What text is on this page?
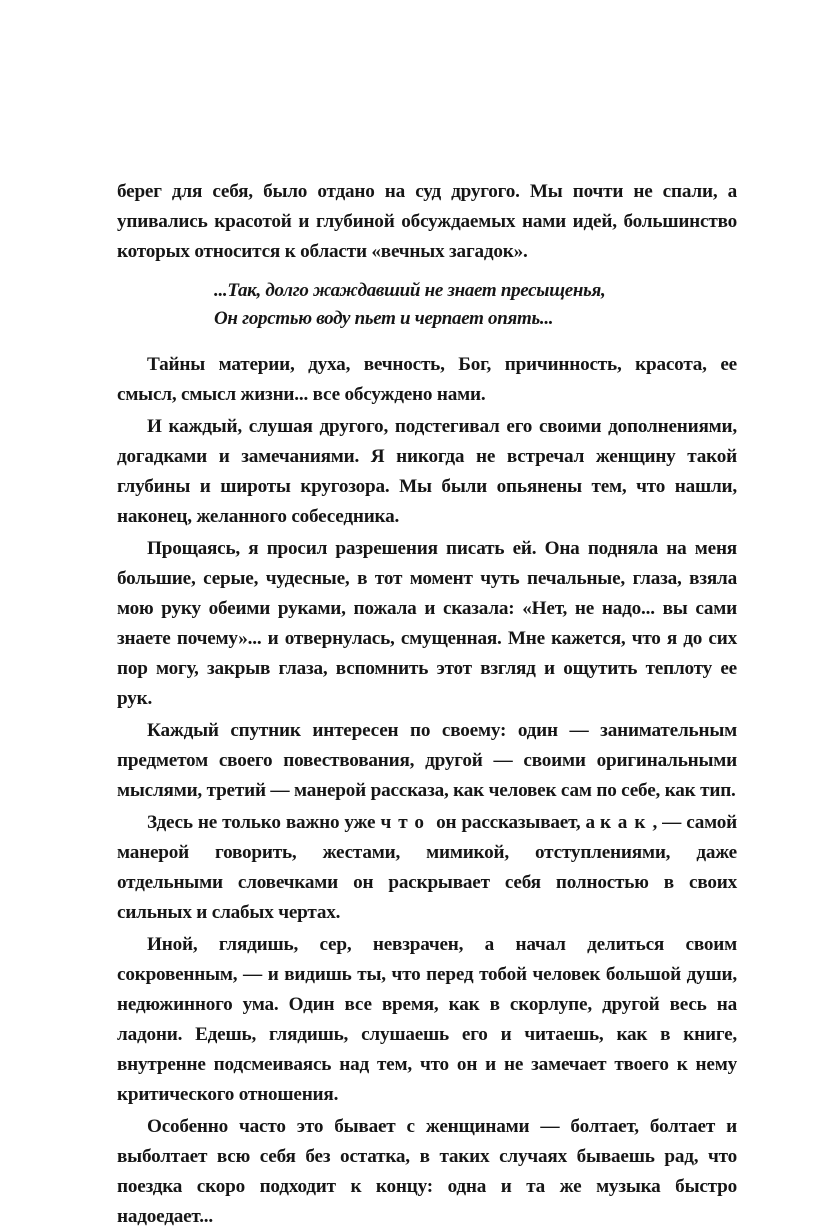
берег для себя, было отдано на суд другого. Мы почти не спали, а упивались красотой и глубиной обсуждаемых нами идей, большинство которых относится к области «вечных загадок».

...Так, долго жаждавший не знает пресыщенья,
Он горстью воду пьет и черпает опять...

Тайны материи, духа, вечность, Бог, причинность, красота, ее смысл, смысл жизни... все обсуждено нами.

И каждый, слушая другого, подстегивал его своими дополнениями, догадками и замечаниями. Я никогда не встречал женщину такой глубины и широты кругозора. Мы были опьянены тем, что нашли, наконец, желанного собеседника.

Прощаясь, я просил разрешения писать ей. Она подняла на меня большие, серые, чудесные, в тот момент чуть печальные, глаза, взяла мою руку обеими руками, пожала и сказала: «Нет, не надо... вы сами знаете почему»... и отвернулась, смущенная. Мне кажется, что я до сих пор могу, закрыв глаза, вспомнить этот взгляд и ощутить теплоту ее рук.

Каждый спутник интересен по своему: один — занимательным предметом своего повествования, другой — своими оригинальными мыслями, третий — манерой рассказа, как человек сам по себе, как тип.

Здесь не только важно уже что он рассказывает, а как, — самой манерой говорить, жестами, мимикой, отступлениями, даже отдельными словечками он раскрывает себя полностью в своих сильных и слабых чертах.

Иной, глядишь, сер, невзрачен, а начал делиться своим сокровенным, — и видишь ты, что перед тобой человек большой души, недюжинного ума. Один все время, как в скорлупе, другой весь на ладони. Едешь, глядишь, слушаешь его и читаешь, как в книге, внутренне подсмеиваясь над тем, что он и не замечает твоего к нему критического отношения.

Особенно часто это бывает с женщинами — болтает, болтает и выболтает всю себя без остатка, в таких случаях бываешь рад, что поездка скоро подходит к концу: одна и та же музыка быстро надоедает...
